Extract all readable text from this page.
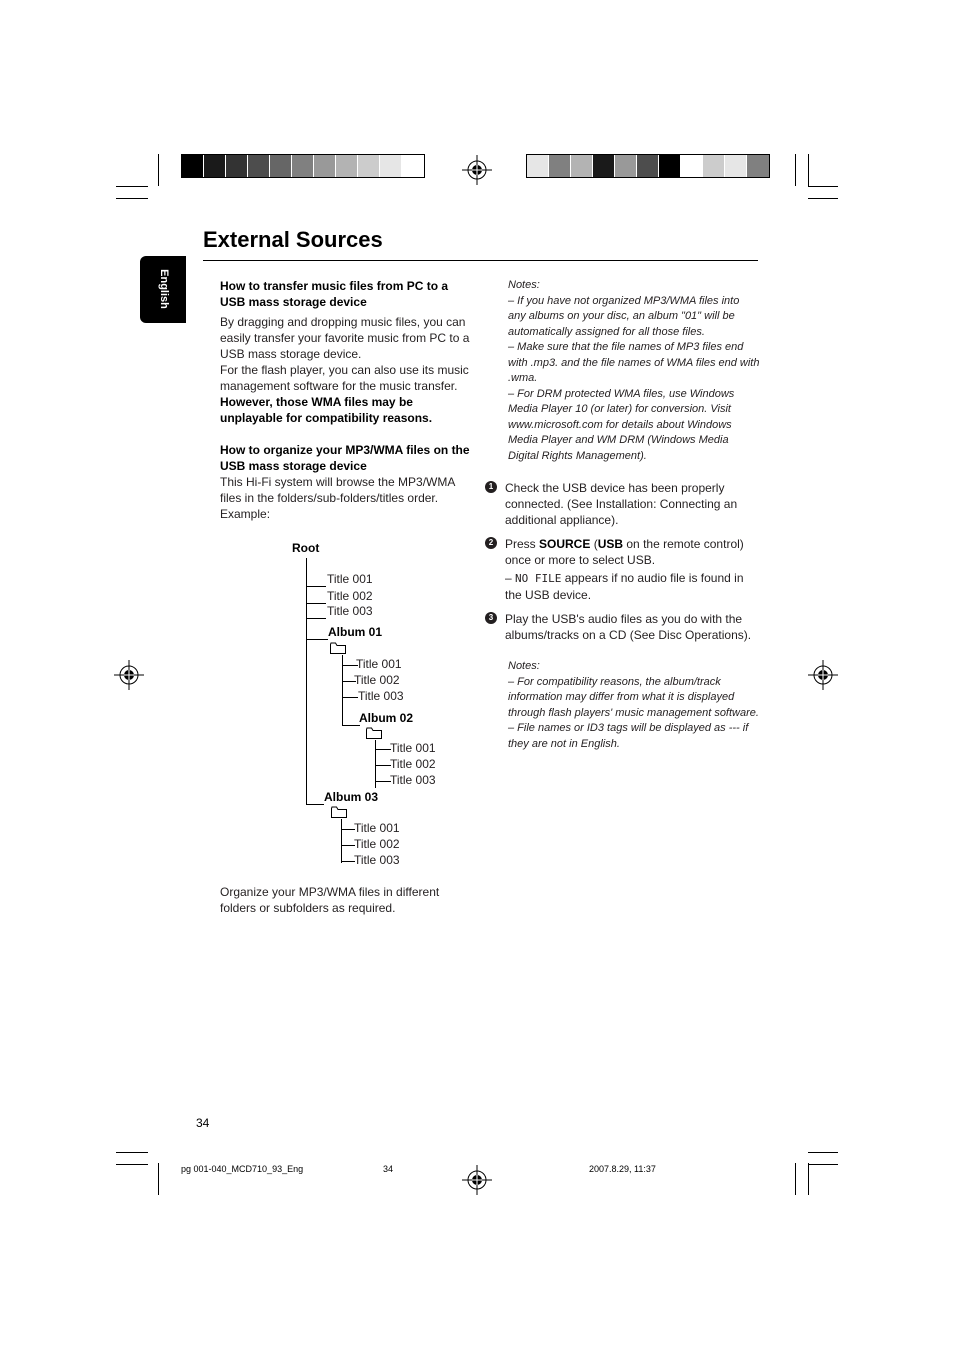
External Sources
English	How to transfer music files from PC to a USB mass storage device

By dragging and dropping music files, you can easily transfer your favorite music from PC to a USB mass storage device.

For the flash player, you can also use its music management software for the music transfer.

However, those WMA files may be unplayable for compatibility reasons.

How to organize your MP3/WMA files on the USB mass storage device

This Hi-Fi system will browse the MP3/WMA files in the folders/sub-folders/titles order. Example:

Root
Title 001
Title 002
Title 003
Album 01
Title 001
Title 002
Title 003
Album 02
Title 001
Title 002
Title 003
Album 03
Title 001
Title 002
Title 003
Organize your MP3/WMA files in different folders or subfolders as required.

Notes:

– If you have not organized MP3/WMA files into any albums on your disc, an album "01" will be automatically assigned for all those files.

– Make sure that the file names of MP3 files end with .mp3. and the file names of WMA files end with .wma.

– For DRM protected WMA files, use Windows Media Player 10 (or later) for conversion. Visit www.microsoft.com for details about Windows Media Player and WM DRM (Windows Media Digital Rights Management).

1 Check the USB device has been properly connected. (See Installation: Connecting an additional appliance).
2 Press SOURCE (USB on the remote control) once or more to select USB.
– NO FILE appears if no audio file is found in the USB device.
3 Play the USB's audio files as you do with the albums/tracks on a CD (See Disc Operations).

Notes:

– For compatibility reasons, the album/track information may differ from what it is displayed through flash players' music management software.

– File names or ID3 tags will be displayed as --- if they are not in English.

34
pg 001-040_MCD710_93_Eng	34	2007.8.29, 11:37
